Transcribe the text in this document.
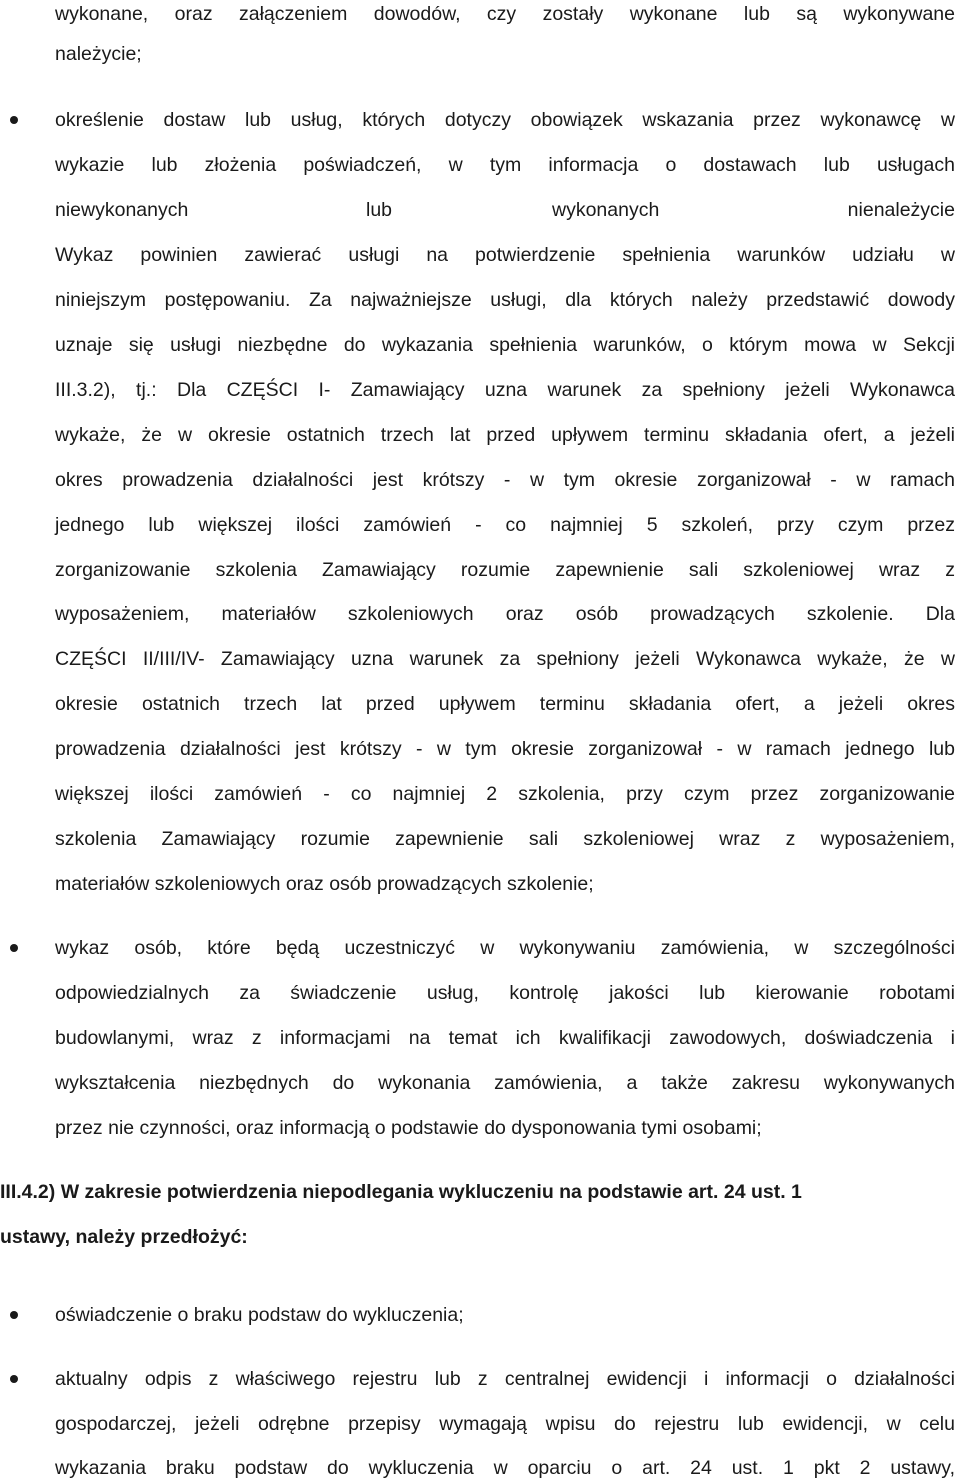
wykonane, oraz załączeniem dowodów, czy zostały wykonane lub są wykonywane
należycie;
określenie dostaw lub usług, których dotyczy obowiązek wskazania przez wykonawcę w
wykazie lub złożenia poświadczeń, w tym informacja o dostawach lub usługach
niewykonanych	lub	wykonanych	nienależycie
Wykaz powinien zawierać usługi na potwierdzenie spełnienia warunków udziału w
niniejszym postępowaniu. Za najważniejsze usługi, dla których należy przedstawić dowody
uznaje się usługi niezbędne do wykazania spełnienia warunków, o którym mowa w Sekcji
III.3.2), tj.: Dla CZĘŚCI I- Zamawiający uzna warunek za spełniony jeżeli Wykonawca
wykaże, że w okresie ostatnich trzech lat przed upływem terminu składania ofert, a jeżeli
okres prowadzenia działalności jest krótszy - w tym okresie zorganizował - w ramach
jednego lub większej ilości zamówień - co najmniej 5 szkoleń, przy czym przez
zorganizowanie szkolenia Zamawiający rozumie zapewnienie sali szkoleniowej wraz z
wyposażeniem, materiałów szkoleniowych oraz osób prowadzących szkolenie. Dla
CZĘŚCI II/III/IV- Zamawiający uzna warunek za spełniony jeżeli Wykonawca wykaże, że w
okresie ostatnich trzech lat przed upływem terminu składania ofert, a jeżeli okres
prowadzenia działalności jest krótszy - w tym okresie zorganizował - w ramach jednego lub
większej ilości zamówień - co najmniej 2 szkolenia, przy czym przez zorganizowanie
szkolenia Zamawiający rozumie zapewnienie sali szkoleniowej wraz z wyposażeniem,
materiałów szkoleniowych oraz osób prowadzących szkolenie;
wykaz osób, które będą uczestniczyć w wykonywaniu zamówienia, w szczególności
odpowiedzialnych za świadczenie usług, kontrolę jakości lub kierowanie robotami
budowlanymi, wraz z informacjami na temat ich kwalifikacji zawodowych, doświadczenia i
wykształcenia niezbędnych do wykonania zamówienia, a także zakresu wykonywanych
przez nie czynności, oraz informacją o podstawie do dysponowania tymi osobami;
III.4.2) W zakresie potwierdzenia niepodlegania wykluczeniu na podstawie art. 24 ust. 1
ustawy, należy przedłożyć:
oświadczenie o braku podstaw do wykluczenia;
aktualny odpis z właściwego rejestru lub z centralnej ewidencji i informacji o działalności
gospodarczej, jeżeli odrębne przepisy wymagają wpisu do rejestru lub ewidencji, w celu
wykazania braku podstaw do wykluczenia w oparciu o art. 24 ust. 1 pkt 2 ustawy,
